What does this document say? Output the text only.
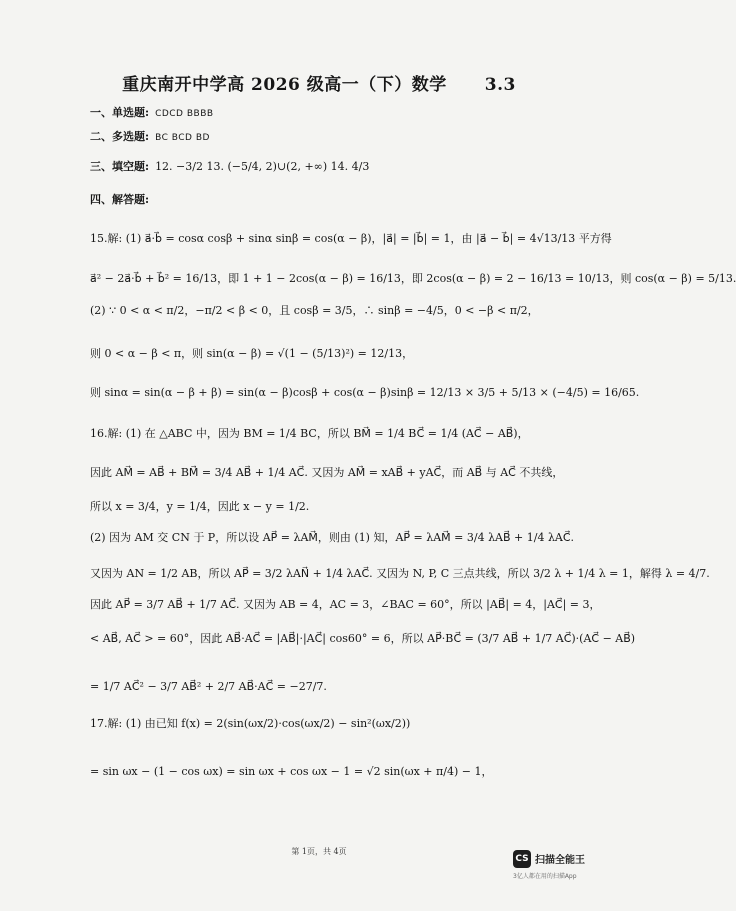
重庆南开中学高 2026 级高一（下）数学 3.3
一、单选题: CDCD BBBB
二、多选题: BC BCD BD
三、填空题: 12. −3/2 13. (−5/4, 2)∪(2, +∞) 14. 4/3
四、解答题:
15.解: (1) a⃗·b⃗ = cosα cosβ + sinα sinβ = cos(α − β)，|a⃗| = |b⃗| = 1，由 |a⃗ − b⃗| = 4√13/13 平方得
a⃗² − 2a⃗·b⃗ + b⃗² = 16/13，即 1 + 1 − 2cos(α − β) = 16/13，即 2cos(α − β) = 2 − 16/13 = 10/13，则 cos(α − β) = 5/13.
(2) ∵ 0 < α < π/2，−π/2 < β < 0，且 cosβ = 3/5，∴ sinβ = −4/5，0 < −β < π/2，
则 0 < α − β < π，则 sin(α − β) = √(1 − (5/13)²) = 12/13，
则 sinα = sin(α − β + β) = sin(α − β)cosβ + cos(α − β)sinβ = 12/13 × 3/5 + 5/13 × (−4/5) = 16/65.
16.解: (1) 在 △ABC 中，因为 BM = 1/4 BC，所以 BM⃗ = 1/4 BC⃗ = 1/4 (AC⃗ − AB⃗)，
因此 AM⃗ = AB⃗ + BM⃗ = 3/4 AB⃗ + 1/4 AC⃗. 又因为 AM⃗ = xAB⃗ + yAC⃗，而 AB⃗ 与 AC⃗ 不共线，
所以 x = 3/4，y = 1/4，因此 x − y = 1/2.
(2) 因为 AM 交 CN 于 P，所以设 AP⃗ = λAM⃗，则由 (1) 知，AP⃗ = λAM⃗ = 3/4 λAB⃗ + 1/4 λAC⃗.
又因为 AN = 1/2 AB，所以 AP⃗ = 3/2 λAN⃗ + 1/4 λAC⃗. 又因为 N, P, C 三点共线，所以 3/2 λ + 1/4 λ = 1，解得 λ = 4/7.
因此 AP⃗ = 3/7 AB⃗ + 1/7 AC⃗. 又因为 AB = 4，AC = 3，∠BAC = 60°，所以 |AB⃗| = 4，|AC⃗| = 3，
< AB⃗, AC⃗ > = 60°，因此 AB⃗·AC⃗ = |AB⃗|·|AC⃗| cos60° = 6，所以 AP⃗·BC⃗ = (3/7 AB⃗ + 1/7 AC⃗)·(AC⃗ − AB⃗)
= 1/7 AC⃗² − 3/7 AB⃗² + 2/7 AB⃗·AC⃗ = −27/7.
17.解: (1) 由已知 f(x) = 2(sin(ωx/2)·cos(ωx/2) − sin²(ωx/2))
= sin ωx − (1 − cos ωx) = sin ωx + cos ωx − 1 = √2 sin(ωx + π/4) − 1，
第 1页，共 4页
CS 扫描全能王
3亿人都在用的扫描App
